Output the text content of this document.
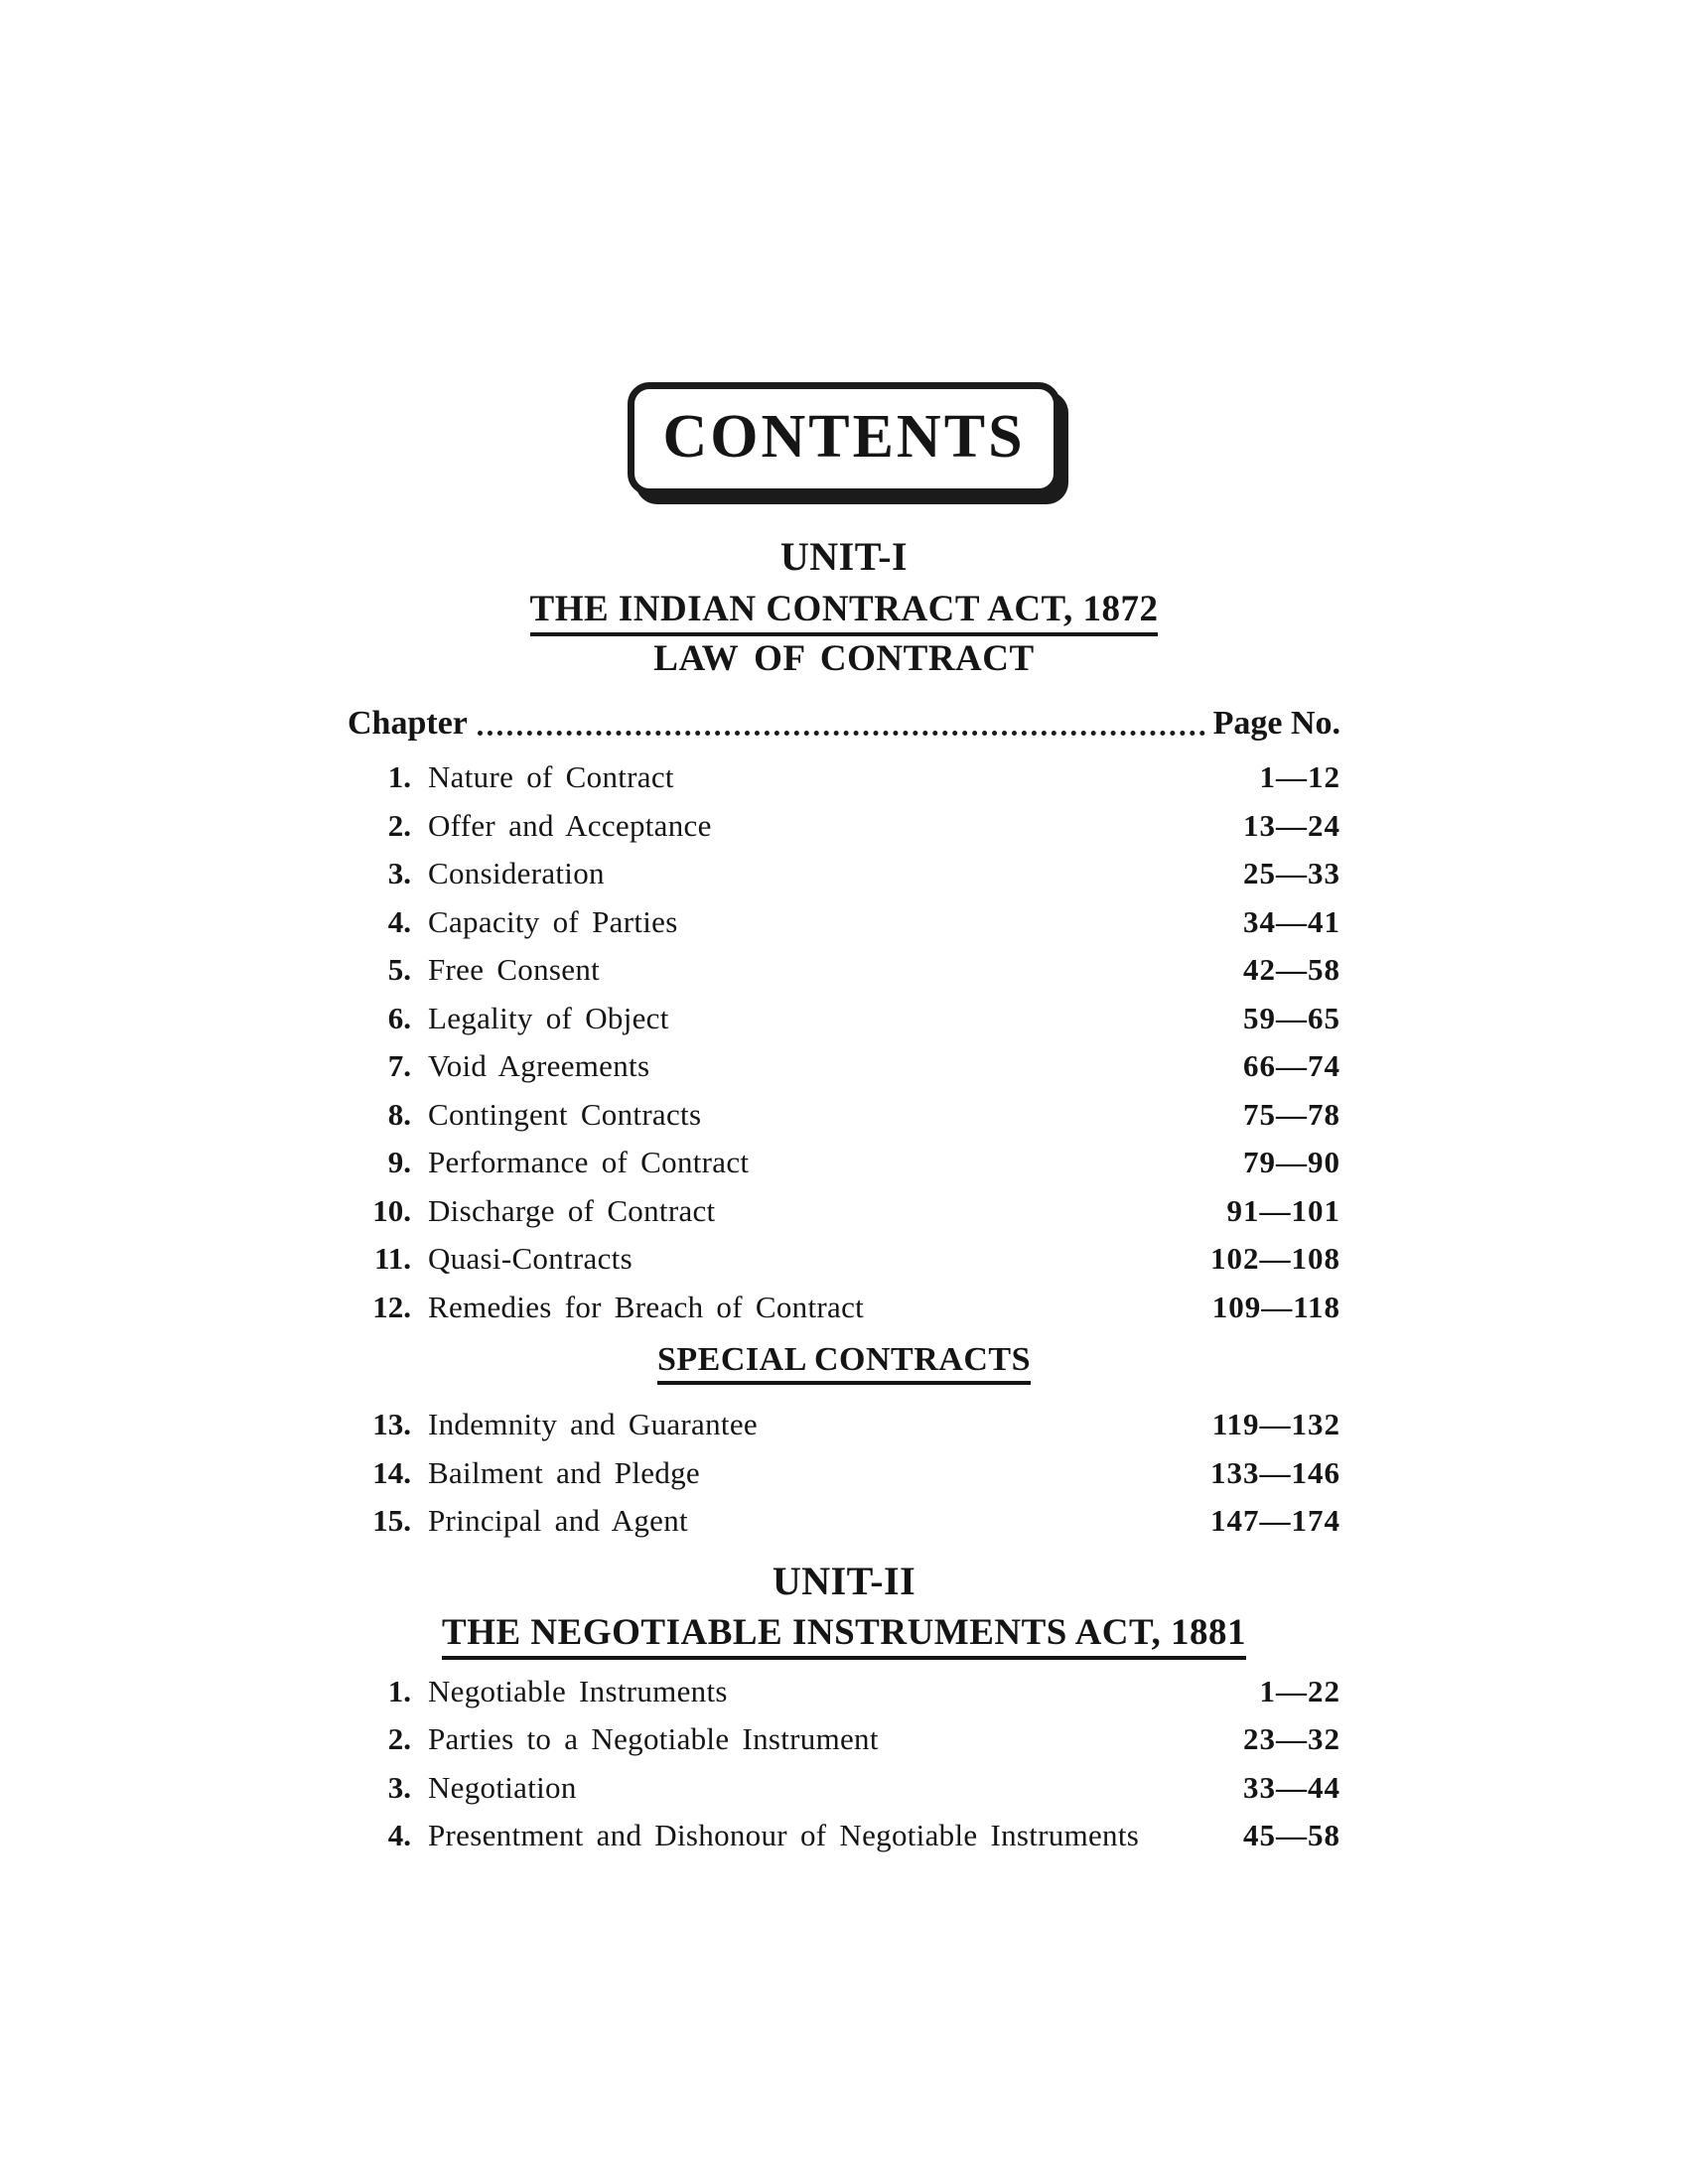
CONTENTS
UNIT-I
THE INDIAN CONTRACT ACT, 1872
LAW OF CONTRACT
Chapter	Page No.
1. Nature of Contract	1—12
2. Offer and Acceptance	13—24
3. Consideration	25—33
4. Capacity of Parties	34—41
5. Free Consent	42—58
6. Legality of Object	59—65
7. Void Agreements	66—74
8. Contingent Contracts	75—78
9. Performance of Contract	79—90
10. Discharge of Contract	91—101
11. Quasi-Contracts	102—108
12. Remedies for Breach of Contract	109—118
SPECIAL CONTRACTS
13. Indemnity and Guarantee	119—132
14. Bailment and Pledge	133—146
15. Principal and Agent	147—174
UNIT-II
THE NEGOTIABLE INSTRUMENTS ACT, 1881
1. Negotiable Instruments	1—22
2. Parties to a Negotiable Instrument	23—32
3. Negotiation	33—44
4. Presentment and Dishonour of Negotiable Instruments	45—58
